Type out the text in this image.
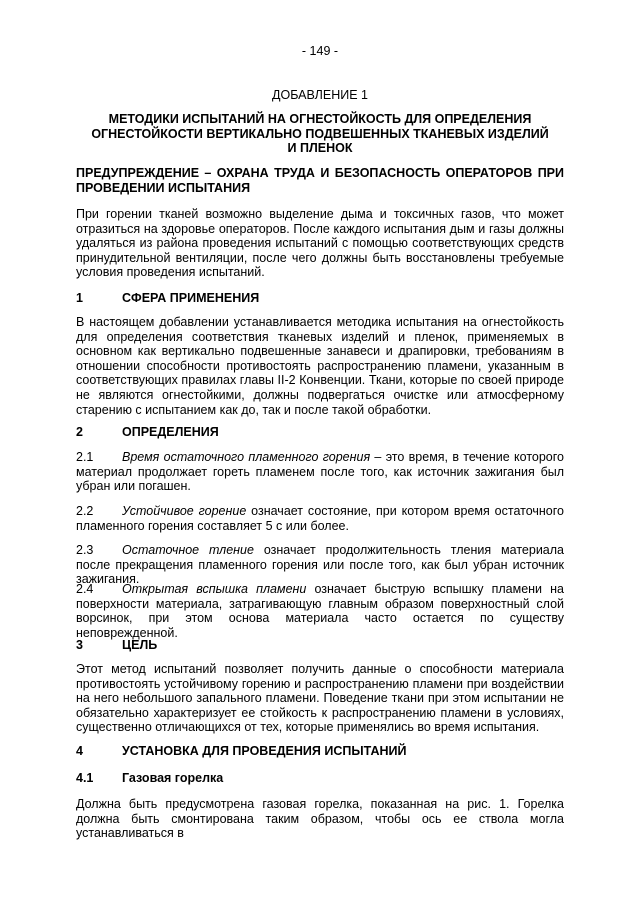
- 149 -
ДОБАВЛЕНИЕ 1
МЕТОДИКИ ИСПЫТАНИЙ НА ОГНЕСТОЙКОСТЬ ДЛЯ ОПРЕДЕЛЕНИЯ ОГНЕСТОЙКОСТИ ВЕРТИКАЛЬНО ПОДВЕШЕННЫХ ТКАНЕВЫХ ИЗДЕЛИЙ И ПЛЕНОК
ПРЕДУПРЕЖДЕНИЕ – ОХРАНА ТРУДА И БЕЗОПАСНОСТЬ ОПЕРАТОРОВ ПРИ ПРОВЕДЕНИИ ИСПЫТАНИЯ

При горении тканей возможно выделение дыма и токсичных газов, что может отразиться на здоровье операторов. После каждого испытания дым и газы должны удаляться из района проведения испытаний с помощью соответствующих средств принудительной вентиляции, после чего должны быть восстановлены требуемые условия проведения испытаний.

1	СФЕРА ПРИМЕНЕНИЯ

В настоящем добавлении устанавливается методика испытания на огнестойкость для определения соответствия тканевых изделий и пленок, применяемых в основном как вертикально подвешенные занавеси и драпировки, требованиям в отношении способности противостоять распространению пламени, указанным в соответствующих правилах главы II-2 Конвенции. Ткани, которые по своей природе не являются огнестойкими, должны подвергаться очистке или атмосферному старению с испытанием как до, так и после такой обработки.

2	ОПРЕДЕЛЕНИЯ
2.1 Время остаточного пламенного горения – это время, в течение которого материал продолжает гореть пламенем после того, как источник зажигания был убран или погашен.
2.2 Устойчивое горение означает состояние, при котором время остаточного пламенного горения составляет 5 с или более.
2.3 Остаточное тление означает продолжительность тления материала после прекращения пламенного горения или после того, как был убран источник зажигания.
2.4 Открытая вспышка пламени означает быструю вспышку пламени на поверхности материала, затрагивающую главным образом поверхностный слой ворсинок, при этом основа материала часто остается по существу неповрежденной.
3	ЦЕЛЬ

Этот метод испытаний позволяет получить данные о способности материала противостоять устойчивому горению и распространению пламени при воздействии на него небольшого запального пламени. Поведение ткани при этом испытании не обязательно характеризует ее стойкость к распространению пламени в условиях, существенно отличающихся от тех, которые применялись во время испытания.

4	УСТАНОВКА ДЛЯ ПРОВЕДЕНИЯ ИСПЫТАНИЙ
4.1 Газовая горелка

Должна быть предусмотрена газовая горелка, показанная на рис. 1. Горелка должна быть смонтирована таким образом, чтобы ось ее ствола могла устанавливаться в
